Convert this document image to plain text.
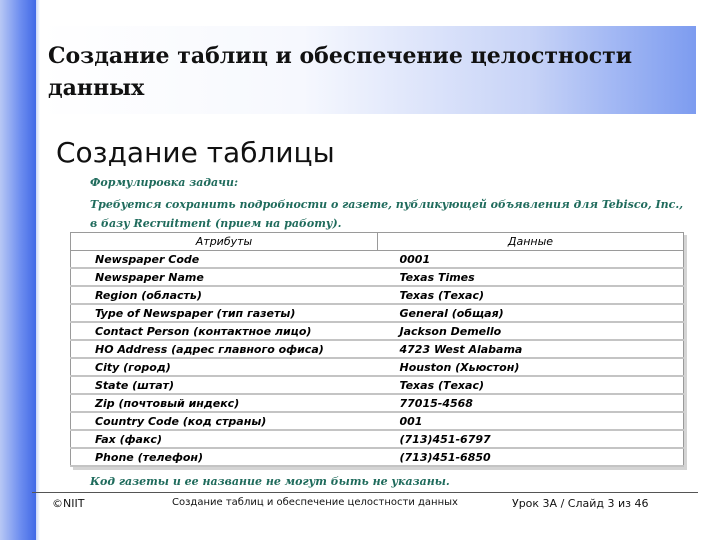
Создание таблиц и обеспечение целостности данных
Создание таблицы
Формулировка задачи:
Требуется сохранить подробности о газете, публикующей объявления для Tebisco, Inc., в базу Recruitment (прием на работу).
Атрибуты	Данные
Newspaper Code	0001
Newspaper Name	Texas Times
Region (область)	Texas (Техас)
Type of Newspaper (тип газеты)	General (общая)
Contact Person (контактное лицо)	Jackson Demello
HO Address (адрес главного офиса)	4723 West Alabama
City (город)	Houston (Хьюстон)
State (штат)	Texas (Техас)
Zip (почтовый индекс)	77015-4568
Country Code (код страны)	001
Fax (факс)	(713)451-6797
Phone (телефон)	(713)451-6850
Код газеты и ее название не могут быть не указаны.
©NIIT	Создание таблиц и обеспечение целостности данных	Урок 3A / Слайд 3 из 46
